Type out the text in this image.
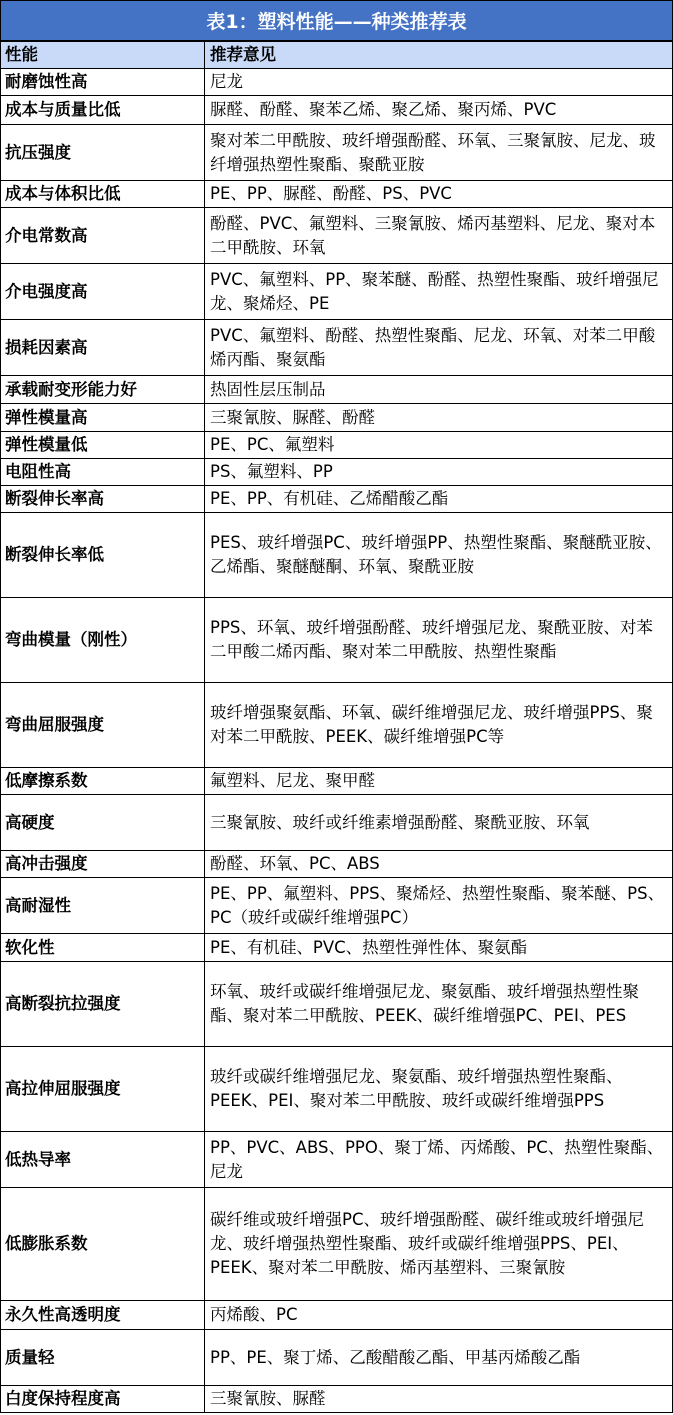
表1：塑料性能——种类推荐表
性能	推荐意见
耐磨蚀性高	尼龙
成本与质量比低	脲醛、酚醛、聚苯乙烯、聚乙烯、聚丙烯、PVC
抗压强度	聚对苯二甲酰胺、玻纤增强酚醛、环氧、三聚氰胺、尼龙、玻纤增强热塑性聚酯、聚酰亚胺
成本与体积比低	PE、PP、脲醛、酚醛、PS、PVC
介电常数高	酚醛、PVC、氟塑料、三聚氰胺、烯丙基塑料、尼龙、聚对本二甲酰胺、环氧
介电强度高	PVC、氟塑料、PP、聚苯醚、酚醛、热塑性聚酯、玻纤增强尼龙、聚烯烃、PE
损耗因素高	PVC、氟塑料、酚醛、热塑性聚酯、尼龙、环氧、对苯二甲酸烯丙酯、聚氨酯
承载耐变形能力好	热固性层压制品
弹性模量高	三聚氰胺、脲醛、酚醛
弹性模量低	PE、PC、氟塑料
电阻性高	PS、氟塑料、PP
断裂伸长率高	PE、PP、有机硅、乙烯醋酸乙酯
断裂伸长率低	PES、玻纤增强PC、玻纤增强PP、热塑性聚酯、聚醚酰亚胺、乙烯酯、聚醚醚酮、环氧、聚酰亚胺
弯曲模量（刚性）	PPS、环氧、玻纤增强酚醛、玻纤增强尼龙、聚酰亚胺、对苯二甲酸二烯丙酯、聚对苯二甲酰胺、热塑性聚酯
弯曲屈服强度	玻纤增强聚氨酯、环氧、碳纤维增强尼龙、玻纤增强PPS、聚对苯二甲酰胺、PEEK、碳纤维增强PC等
低摩擦系数	氟塑料、尼龙、聚甲醛
高硬度	三聚氰胺、玻纤或纤维素增强酚醛、聚酰亚胺、环氧
高冲击强度	酚醛、环氧、PC、ABS
高耐湿性	PE、PP、氟塑料、PPS、聚烯烃、热塑性聚酯、聚苯醚、PS、PC（玻纤或碳纤维增强PC）
软化性	PE、有机硅、PVC、热塑性弹性体、聚氨酯
高断裂抗拉强度	环氧、玻纤或碳纤维增强尼龙、聚氨酯、玻纤增强热塑性聚酯、聚对苯二甲酰胺、PEEK、碳纤维增强PC、PEI、PES
高拉伸屈服强度	玻纤或碳纤维增强尼龙、聚氨酯、玻纤增强热塑性聚酯、PEEK、PEI、聚对苯二甲酰胺、玻纤或碳纤维增强PPS
低热导率	PP、PVC、ABS、PPO、聚丁烯、丙烯酸、PC、热塑性聚酯、尼龙
低膨胀系数	碳纤维或玻纤增强PC、玻纤增强酚醛、碳纤维或玻纤增强尼龙、玻纤增强热塑性聚酯、玻纤或碳纤维增强PPS、PEI、PEEK、聚对苯二甲酰胺、烯丙基塑料、三聚氰胺
永久性高透明度	丙烯酸、PC
质量轻	PP、PE、聚丁烯、乙酸醋酸乙酯、甲基丙烯酸乙酯
白度保持程度高	三聚氰胺、脲醛
